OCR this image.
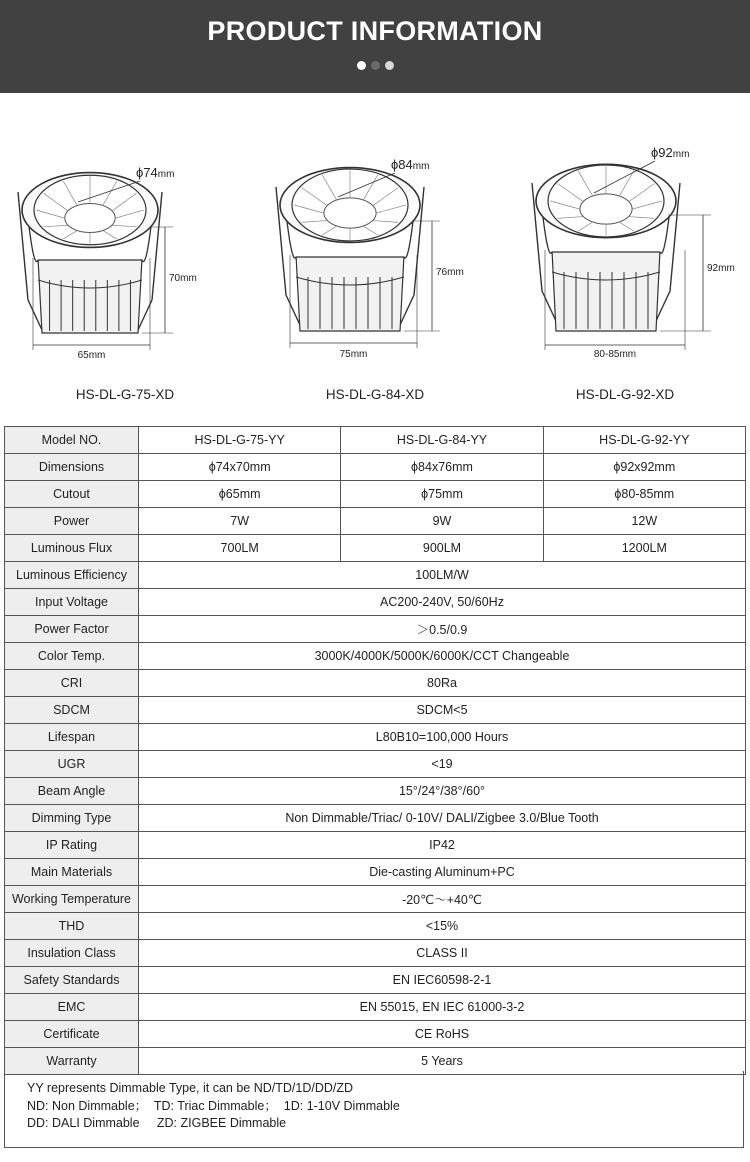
PRODUCT INFORMATION
ϕ74mm
70mm
65mm
HS-DL-G-75-XD
ϕ84mm
76mm
75mm
HS-DL-G-84-XD
ϕ92mm
92mm
80-85mm
HS-DL-G-92-XD
Model NO.	HS-DL-G-75-YY	HS-DL-G-84-YY	HS-DL-G-92-YY
Dimensions	ϕ74x70mm	ϕ84x76mm	ϕ92x92mm
Cutout	ϕ65mm	ϕ75mm	ϕ80-85mm
Power	7W	9W	12W
Luminous Flux	700LM	900LM	1200LM
Luminous Efficiency	100LM/W		
Input Voltage	AC200-240V, 50/60Hz		
Power Factor	＞0.5/0.9		
Color Temp.	3000K/4000K/5000K/6000K/CCT Changeable		
CRI	80Ra		
SDCM	SDCM<5		
Lifespan	L80B10=100,000 Hours		
UGR	<19		
Beam Angle	15°/24°/38°/60°		
Dimming Type	Non Dimmable/Triac/ 0-10V/ DALI/Zigbee 3.0/Blue Tooth		
IP Rating	IP42		
Main Materials	Die-casting Aluminum+PC		
Working Temperature	-20℃～+40℃		
THD	<15%		
Insulation Class	CLASS II		
Safety Standards	EN IEC60598-2-1		
EMC	EN 55015, EN IEC 61000-3-2		
Certificate	CE RoHS		
Warranty	5 Years		
YY represents Dimmable Type, it can be ND/TD/1D/DD/ZD
ND: Non Dimmable；  TD: Triac Dimmable；  1D: 1-10V Dimmable
DD: DALI Dimmable     ZD: ZIGBEE Dimmable
